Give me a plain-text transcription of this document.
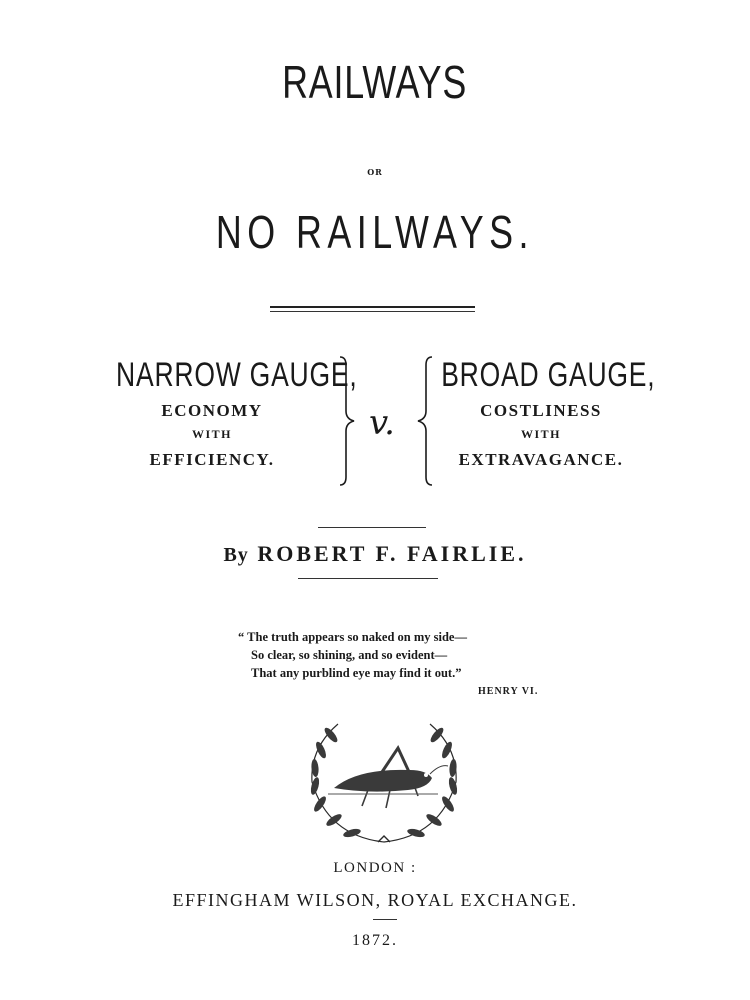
RAILWAYS
OR
NO RAILWAYS.
NARROW GAUGE,
ECONOMY
WITH
EFFICIENCY.
v.
BROAD GAUGE,
COSTLINESS
WITH
EXTRAVAGANCE.
By ROBERT F. FAIRLIE.
“ The truth appears so naked on my side—
So clear, so shining, and so evident—
That any purblind eye may find it out.”
HENRY VI.
LONDON :
EFFINGHAM WILSON, ROYAL EXCHANGE.
1872.
